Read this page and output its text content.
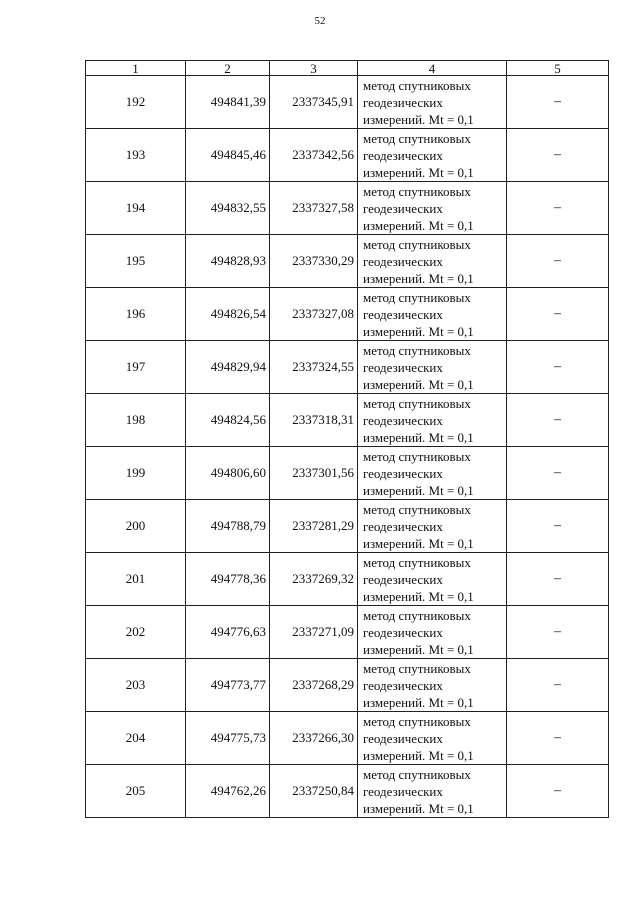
52
1	2	3	4	5
192	494841,39	2337345,91	метод спутниковых
геодезических
измерений. Mt = 0,1	–
193	494845,46	2337342,56	метод спутниковых
геодезических
измерений. Mt = 0,1	–
194	494832,55	2337327,58	метод спутниковых
геодезических
измерений. Mt = 0,1	–
195	494828,93	2337330,29	метод спутниковых
геодезических
измерений. Mt = 0,1	–
196	494826,54	2337327,08	метод спутниковых
геодезических
измерений. Mt = 0,1	–
197	494829,94	2337324,55	метод спутниковых
геодезических
измерений. Mt = 0,1	–
198	494824,56	2337318,31	метод спутниковых
геодезических
измерений. Mt = 0,1	–
199	494806,60	2337301,56	метод спутниковых
геодезических
измерений. Mt = 0,1	–
200	494788,79	2337281,29	метод спутниковых
геодезических
измерений. Mt = 0,1	–
201	494778,36	2337269,32	метод спутниковых
геодезических
измерений. Mt = 0,1	–
202	494776,63	2337271,09	метод спутниковых
геодезических
измерений. Mt = 0,1	–
203	494773,77	2337268,29	метод спутниковых
геодезических
измерений. Mt = 0,1	–
204	494775,73	2337266,30	метод спутниковых
геодезических
измерений. Mt = 0,1	–
205	494762,26	2337250,84	метод спутниковых
геодезических
измерений. Mt = 0,1	–
